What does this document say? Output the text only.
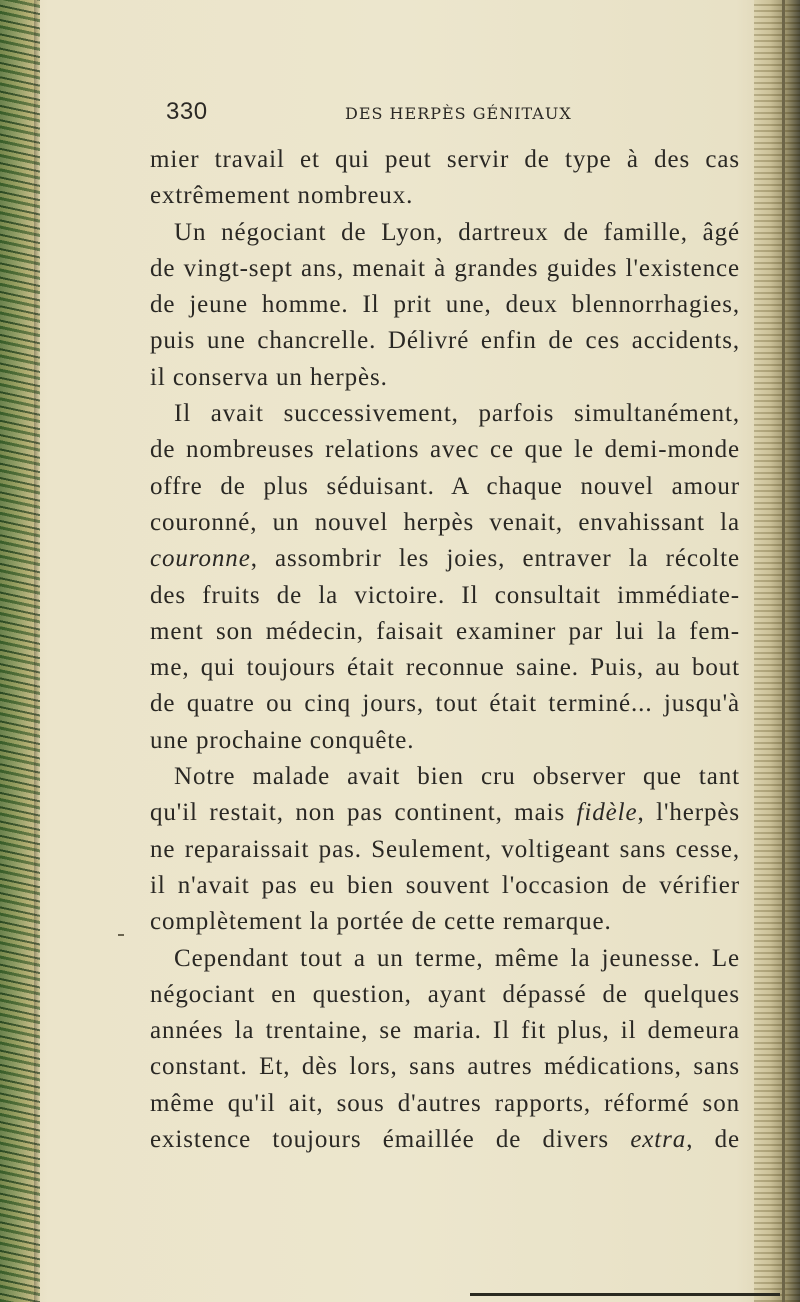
330	DES HERPÈS GÉNITAUX
mier travail et qui peut servir de type à des cas
extrêmement nombreux.
Un négociant de Lyon, dartreux de famille, âgé
de vingt-sept ans, menait à grandes guides l'existence
de jeune homme. Il prit une, deux blennorrhagies,
puis une chancrelle. Délivré enfin de ces accidents,
il conserva un herpès.
Il avait successivement, parfois simultanément,
de nombreuses relations avec ce que le demi-monde
offre de plus séduisant. A chaque nouvel amour
couronné, un nouvel herpès venait, envahissant la
couronne, assombrir les joies, entraver la récolte
des fruits de la victoire. Il consultait immédiate-
ment son médecin, faisait examiner par lui la fem-
me, qui toujours était reconnue saine. Puis, au bout
de quatre ou cinq jours, tout était terminé... jusqu'à
une prochaine conquête.
Notre malade avait bien cru observer que tant
qu'il restait, non pas continent, mais fidèle, l'herpès
ne reparaissait pas. Seulement, voltigeant sans cesse,
il n'avait pas eu bien souvent l'occasion de vérifier
complètement la portée de cette remarque.
Cependant tout a un terme, même la jeunesse. Le
négociant en question, ayant dépassé de quelques
années la trentaine, se maria. Il fit plus, il demeura
constant. Et, dès lors, sans autres médications, sans
même qu'il ait, sous d'autres rapports, réformé son
existence toujours émaillée de divers extra, de
